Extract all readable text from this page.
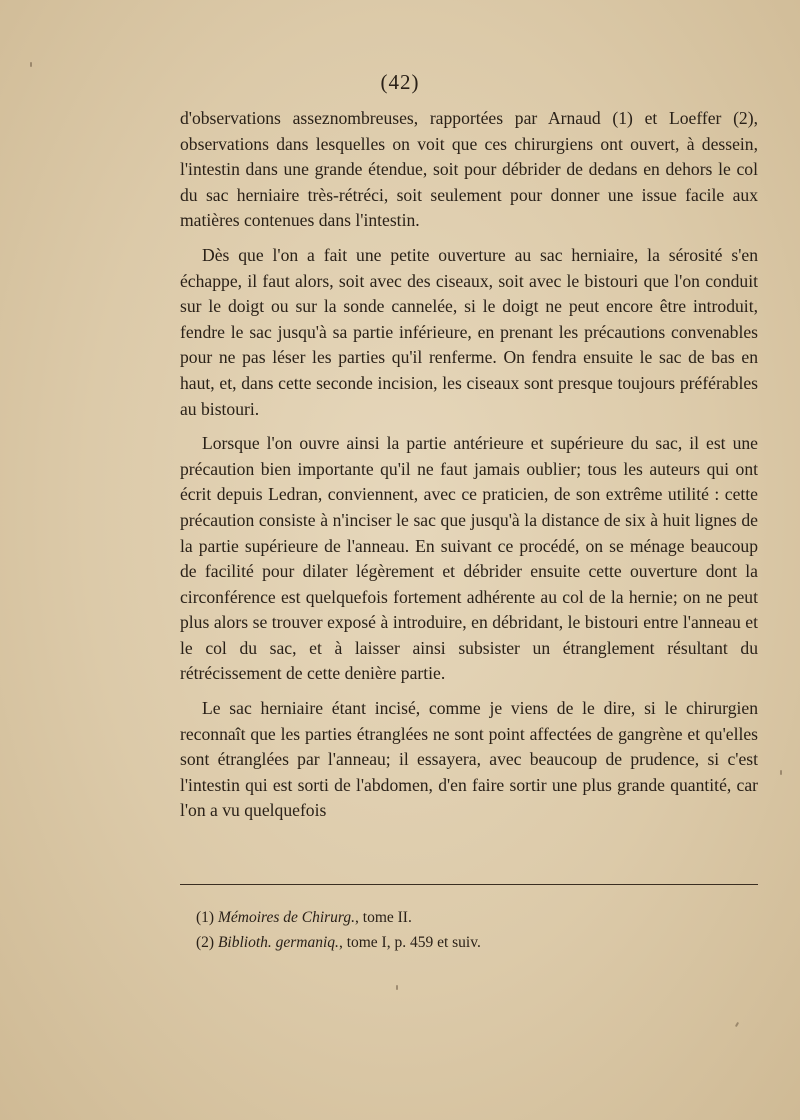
(42)

d'observations asseznombreuses, rapportées par Arnaud (1) et Loeffer (2), observations dans lesquelles on voit que ces chirurgiens ont ouvert, à dessein, l'intestin dans une grande étendue, soit pour débrider de dedans en dehors le col du sac herniaire très-rétréci, soit seulement pour donner une issue facile aux matières contenues dans l'intestin.

Dès que l'on a fait une petite ouverture au sac herniaire, la sérosité s'en échappe, il faut alors, soit avec des ciseaux, soit avec le bistouri que l'on conduit sur le doigt ou sur la sonde cannelée, si le doigt ne peut encore être introduit, fendre le sac jusqu'à sa partie inférieure, en prenant les précautions convenables pour ne pas léser les parties qu'il renferme. On fendra ensuite le sac de bas en haut, et, dans cette seconde incision, les ciseaux sont presque toujours préférables au bistouri.

Lorsque l'on ouvre ainsi la partie antérieure et supérieure du sac, il est une précaution bien importante qu'il ne faut jamais oublier; tous les auteurs qui ont écrit depuis Ledran, conviennent, avec ce praticien, de son extrême utilité : cette précaution consiste à n'inciser le sac que jusqu'à la distance de six à huit lignes de la partie supérieure de l'anneau. En suivant ce procédé, on se ménage beaucoup de facilité pour dilater légèrement et débrider ensuite cette ouverture dont la circonférence est quelquefois fortement adhérente au col de la hernie; on ne peut plus alors se trouver exposé à introduire, en débridant, le bistouri entre l'anneau et le col du sac, et à laisser ainsi subsister un étranglement résultant du rétrécissement de cette denière partie.

Le sac herniaire étant incisé, comme je viens de le dire, si le chirurgien reconnaît que les parties étranglées ne sont point affectées de gangrène et qu'elles sont étranglées par l'anneau; il essayera, avec beaucoup de prudence, si c'est l'intestin qui est sorti de l'abdomen, d'en faire sortir une plus grande quantité, car l'on a vu quelquefois

(1) Mémoires de Chirurg., tome II.
(2) Biblioth. germaniq., tome I, p. 459 et suiv.
